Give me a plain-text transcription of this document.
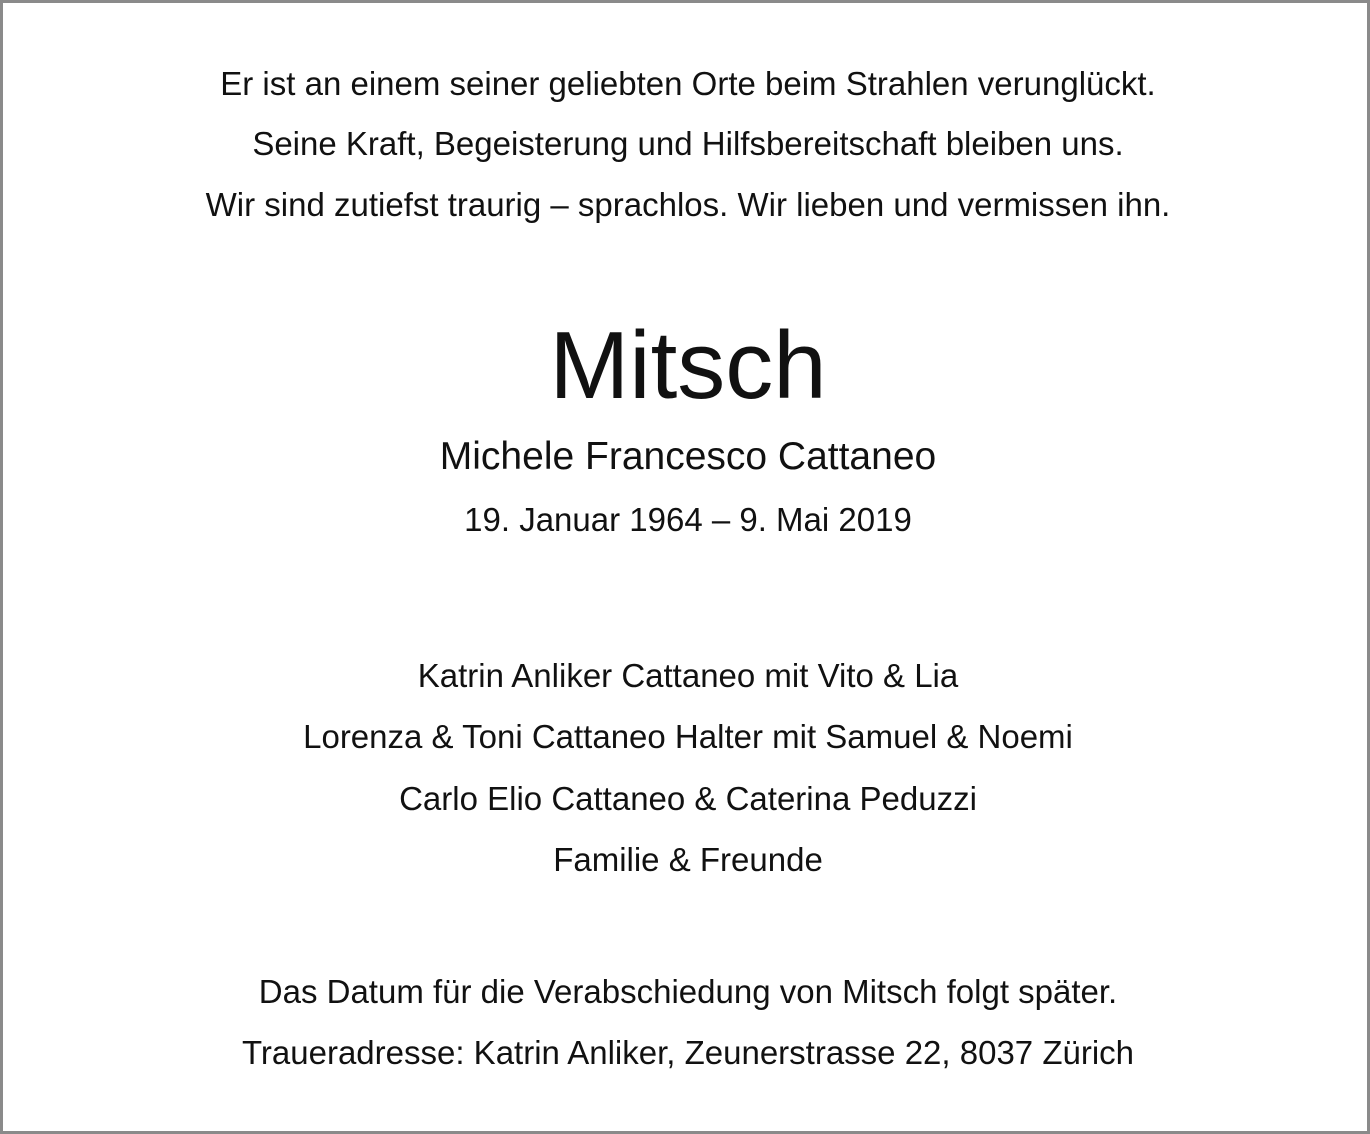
Er ist an einem seiner geliebten Orte beim Strahlen verunglückt.
Seine Kraft, Begeisterung und Hilfsbereitschaft bleiben uns.
Wir sind zutiefst traurig – sprachlos. Wir lieben und vermissen ihn.
Mitsch
Michele Francesco Cattaneo
19. Januar 1964 – 9. Mai 2019
Katrin Anliker Cattaneo mit Vito & Lia
Lorenza & Toni Cattaneo Halter mit Samuel & Noemi
Carlo Elio Cattaneo & Caterina Peduzzi
Familie & Freunde
Das Datum für die Verabschiedung von Mitsch folgt später.
Traueradresse: Katrin Anliker, Zeunerstrasse 22, 8037 Zürich
